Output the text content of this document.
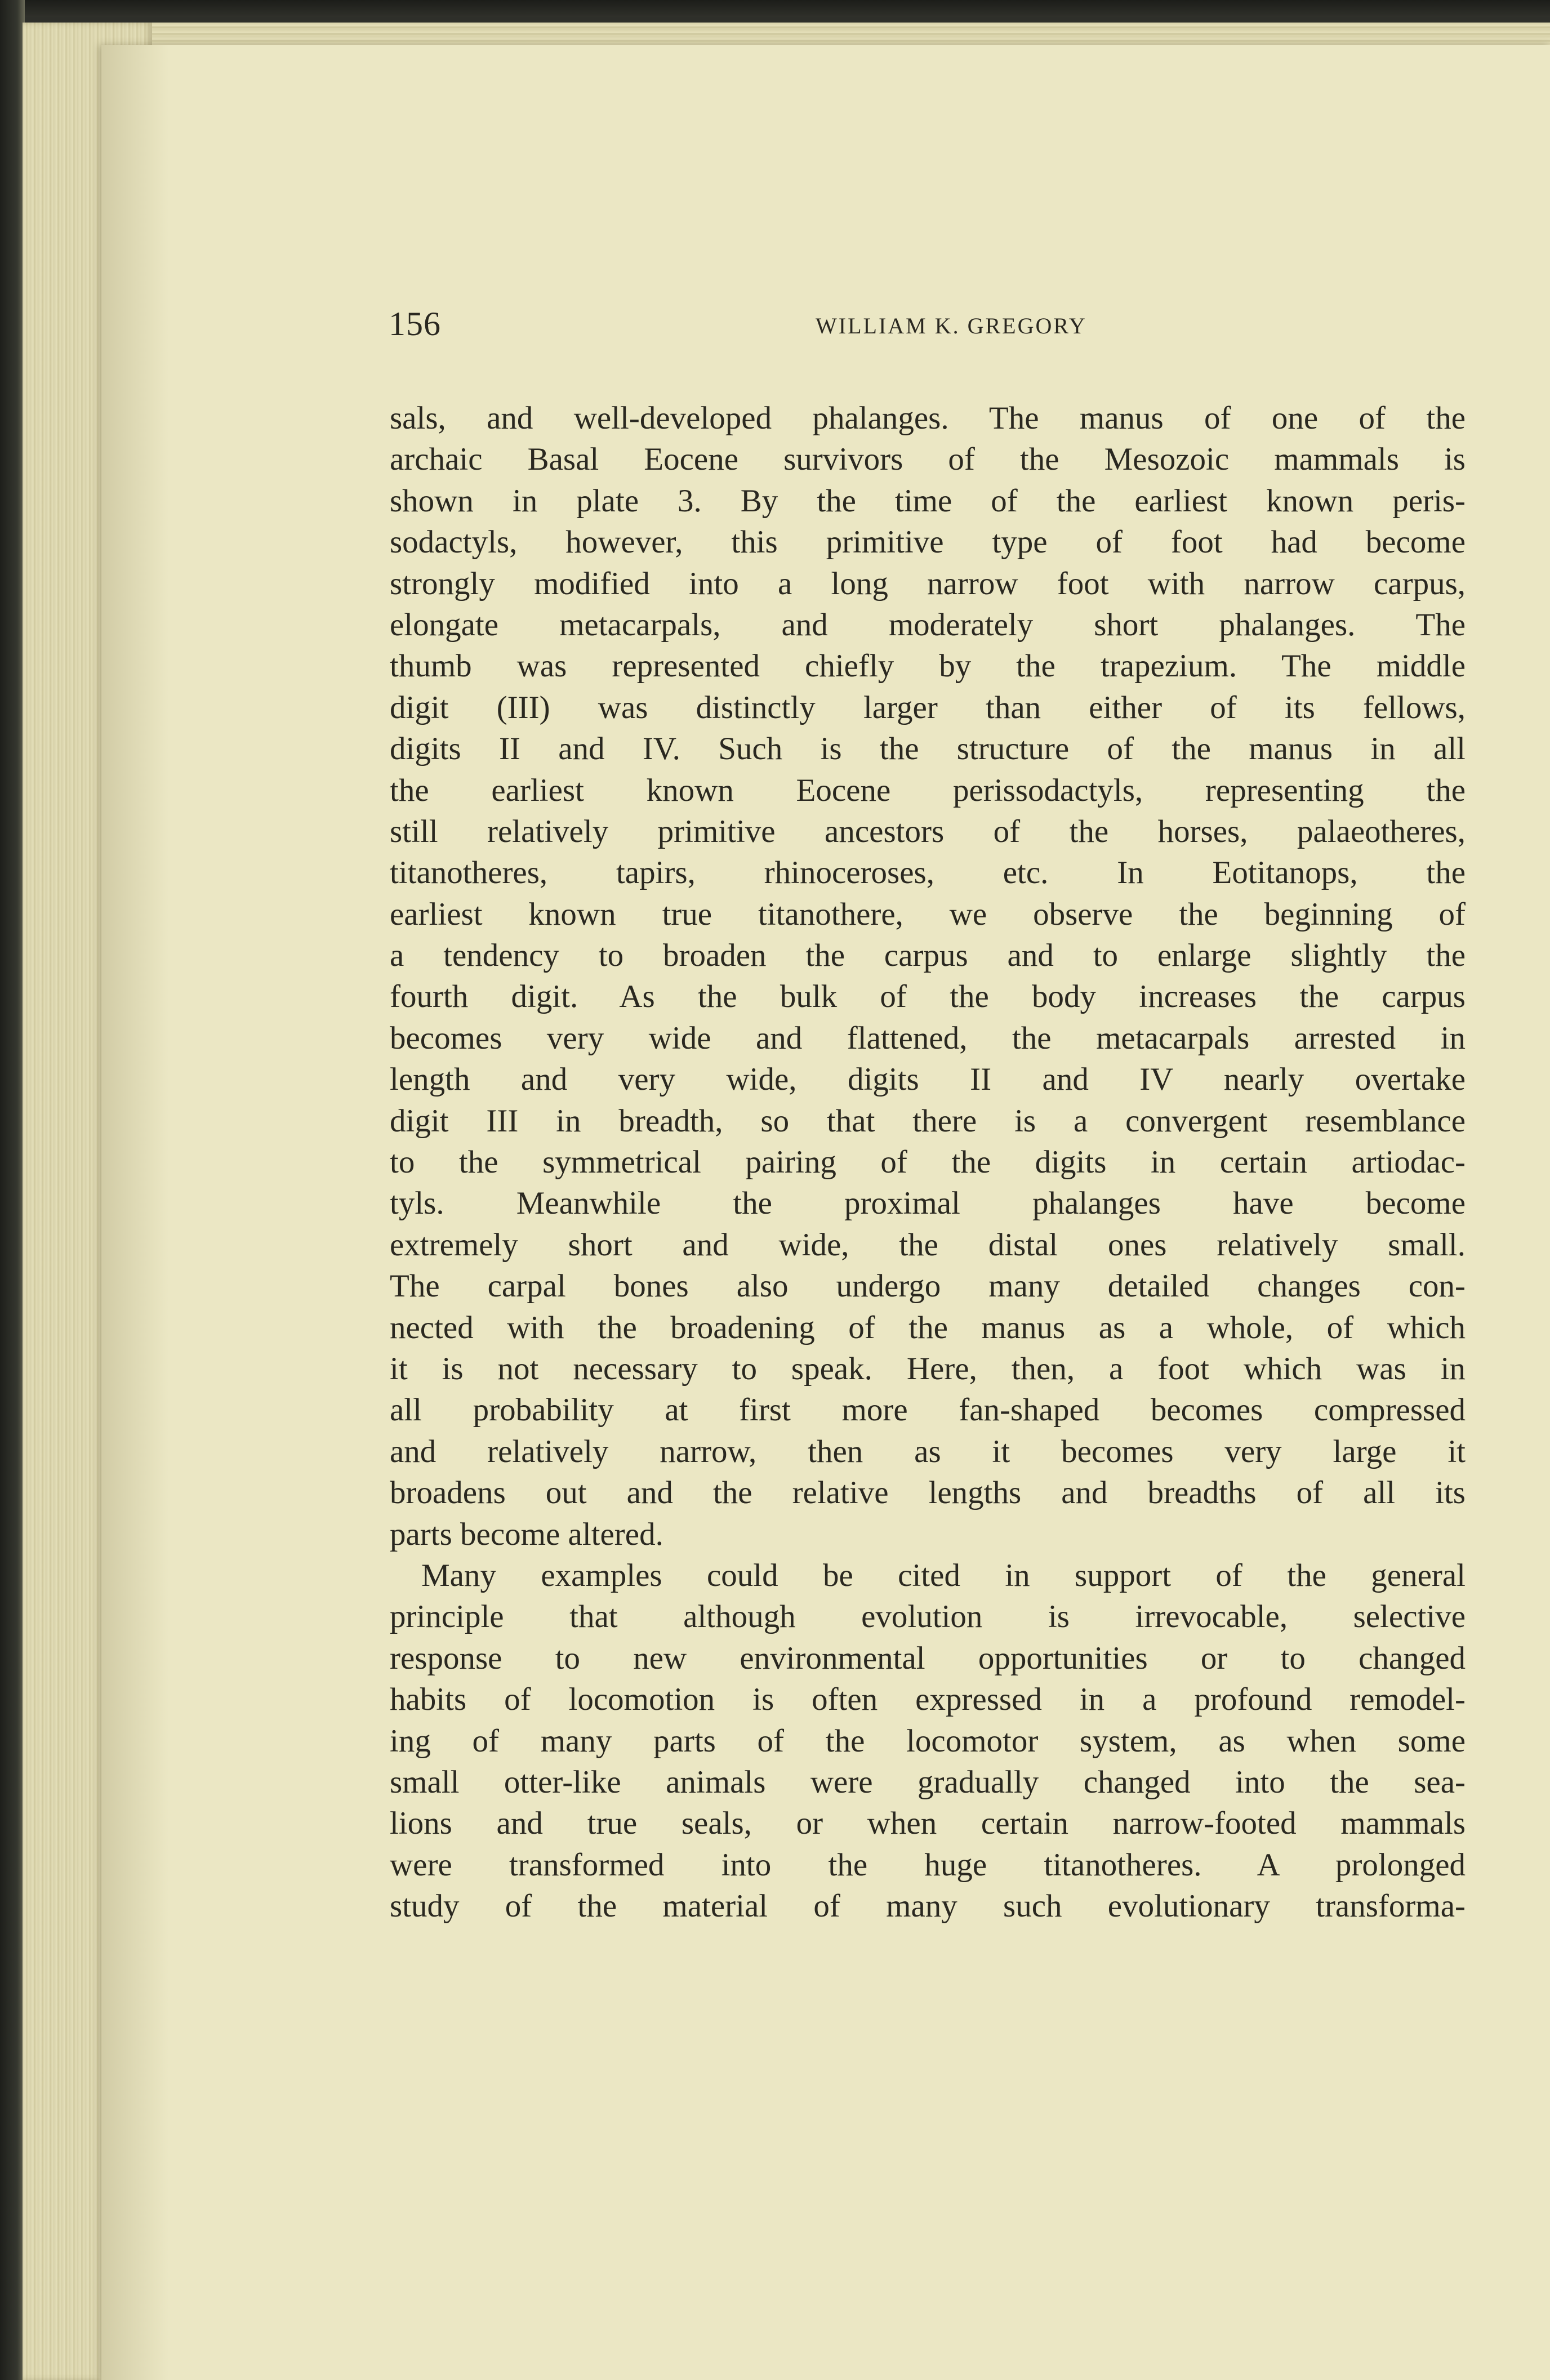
156	WILLIAM K. GREGORY
sals, and well-developed phalanges. The manus of one of the
archaic Basal Eocene survivors of the Mesozoic mammals is
shown in plate 3. By the time of the earliest known peris-
sodactyls, however, this primitive type of foot had become
strongly modified into a long narrow foot with narrow carpus,
elongate metacarpals, and moderately short phalanges. The
thumb was represented chiefly by the trapezium. The middle
digit (III) was distinctly larger than either of its fellows,
digits II and IV. Such is the structure of the manus in all
the earliest known Eocene perissodactyls, representing the
still relatively primitive ancestors of the horses, palaeotheres,
titanotheres, tapirs, rhinoceroses, etc. In Eotitanops, the
earliest known true titanothere, we observe the beginning of
a tendency to broaden the carpus and to enlarge slightly the
fourth digit. As the bulk of the body increases the carpus
becomes very wide and flattened, the metacarpals arrested in
length and very wide, digits II and IV nearly overtake
digit III in breadth, so that there is a convergent resemblance
to the symmetrical pairing of the digits in certain artiodac-
tyls. Meanwhile the proximal phalanges have become
extremely short and wide, the distal ones relatively small.
The carpal bones also undergo many detailed changes con-
nected with the broadening of the manus as a whole, of which
it is not necessary to speak. Here, then, a foot which was in
all probability at first more fan-shaped becomes compressed
and relatively narrow, then as it becomes very large it
broadens out and the relative lengths and breadths of all its
parts become altered.
Many examples could be cited in support of the general
principle that although evolution is irrevocable, selective
response to new environmental opportunities or to changed
habits of locomotion is often expressed in a profound remodel-
ing of many parts of the locomotor system, as when some
small otter-like animals were gradually changed into the sea-
lions and true seals, or when certain narrow-footed mammals
were transformed into the huge titanotheres. A prolonged
study of the material of many such evolutionary transforma-
